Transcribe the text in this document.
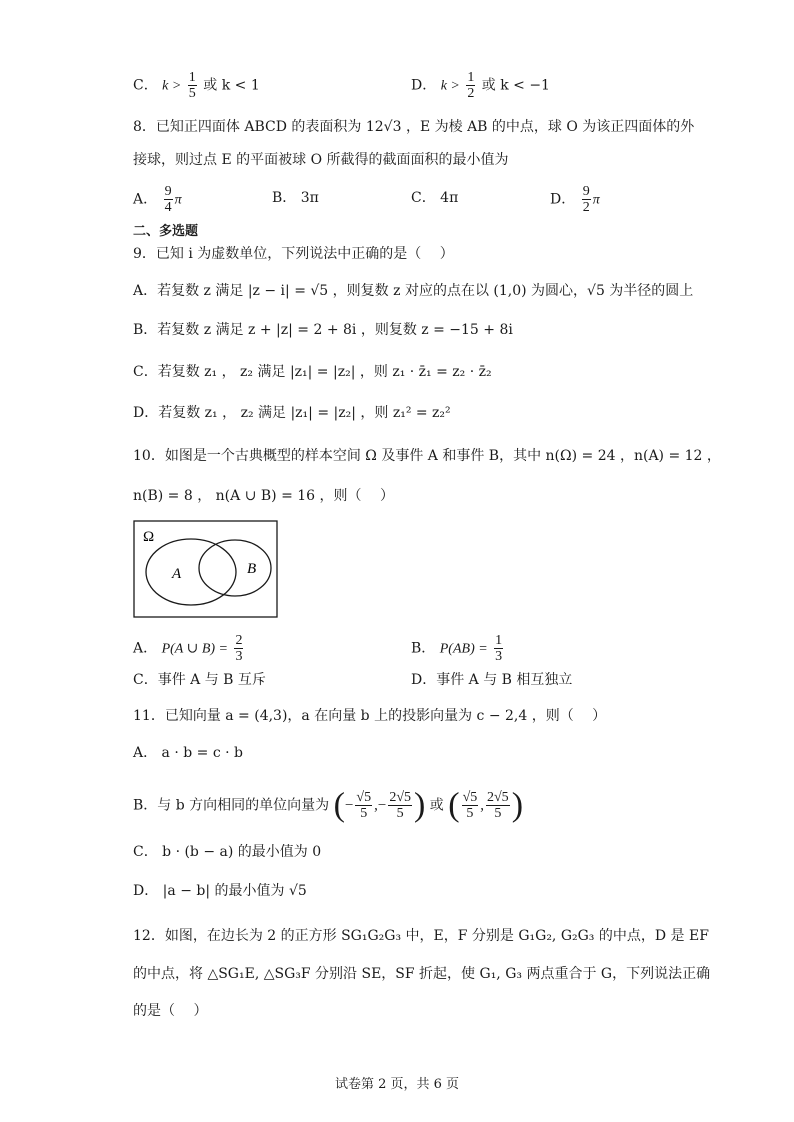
C． $k > \frac{1}{5}$ 或 k < 1	D． $k > \frac{1}{2}$ 或 k < −1
8．已知正四面体 ABCD 的表面积为 12√3 ，E 为棱 AB 的中点，球 O 为该正四面体的外
接球，则过点 E 的平面被球 O 所截得的截面面积的最小值为
A． $\frac{9}{4}$ π	B． 3π	C． 4π	D． $\frac{9}{2}$ π
二、多选题
9．已知 i 为虚数单位，下列说法中正确的是（　 ）
A．若复数 z 满足 |z − i| = √5 ，则复数 z 对应的点在以 (1,0) 为圆心，√5 为半径的圆上
B．若复数 z 满足 z + |z| = 2 + 8i ，则复数 z = −15 + 8i
C．若复数 z₁ ， z₂ 满足 |z₁| = |z₂| ，则 z₁ · z̄₁ = z₂ · z̄₂
D．若复数 z₁ ， z₂ 满足 |z₁| = |z₂| ，则 z₁² = z₂²
10．如图是一个古典概型的样本空间 Ω 及事件 A 和事件 B，其中 n(Ω) = 24 ，n(A) = 12 ，
n(B) = 8 ， n(A ∪ B) = 16 ，则（　 ）
Ω
A	B
A． P(A ∪ $B) = \frac{2}{3}$	B． $P(AB) = \frac{1}{3}$
C．事件 A 与 B 互斥	D．事件 A 与 B 相互独立
11．已知向量 a = (4,3)，a 在向量 b 上的投影向量为 c − 2,4 ，则（　 ）
A． a · b = c · b
B．与 b 方向相同的单位向量为 (− $\frac{√5}{5}$ ,− $\frac{2√5}{5}$ ) 或 ( $\frac{√5}{5}$ , $\frac{2√5}{5}$ )
C． b · (b − a) 的最小值为 0
D． |a − b| 的最小值为 √5
12．如图，在边长为 2 的正方形 SG₁G₂G₃ 中，E，F 分别是 G₁G₂, G₂G₃ 的中点，D 是 EF
的中点，将 △SG₁E, △SG₃F 分别沿 SE，SF 折起，使 G₁, G₃ 两点重合于 G，下列说法正确
的是（　 ）
试卷第 2 页，共 6 页
